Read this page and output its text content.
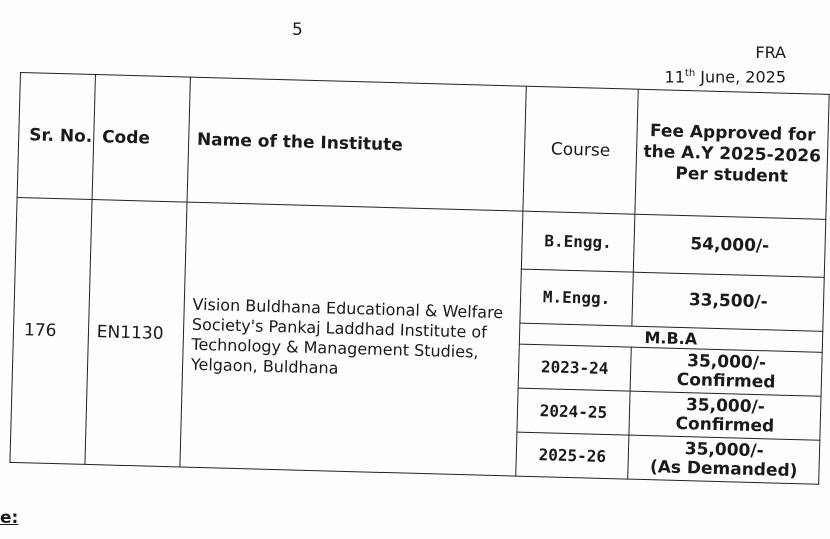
5
FRA
11th June, 2025
Sr. No.	Code	Name of the Institute	Course	Fee Approved for the A.Y 2025-2026 Per student
176	EN1130	Vision Buldhana Educational & Welfare Society's Pankaj Laddhad Institute of Technology & Management Studies, Yelgaon, Buldhana	B.Engg.	54,000/-
			M.Engg.	33,500/-
			M.B.A	
			2023-24	35,000/-
Confirmed

			2024-25	35,000/-
Confirmed

			2025-26	35,000/-
(As Demanded)
e:
